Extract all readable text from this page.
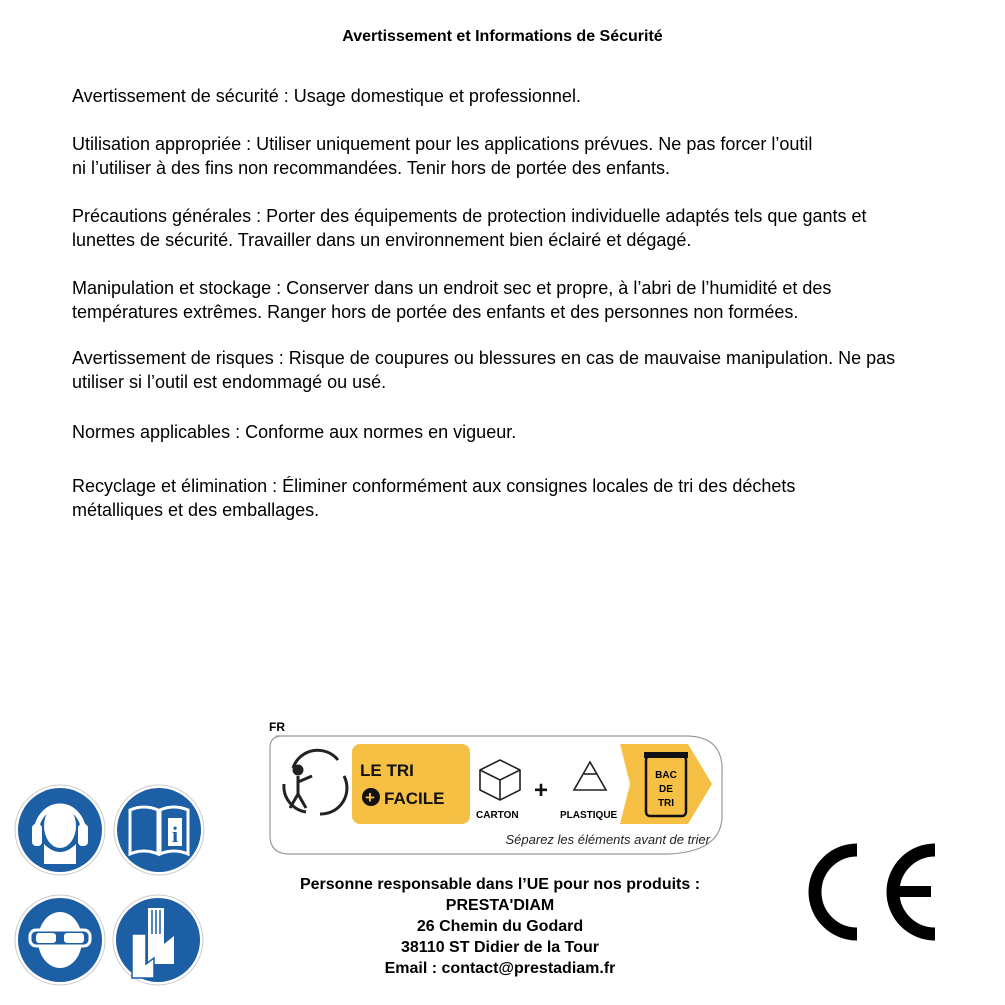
Avertissement et Informations de Sécurité

Avertissement de sécurité : Usage domestique et professionnel.

Utilisation appropriée : Utiliser uniquement pour les applications prévues. Ne pas forcer l’outil
ni l’utiliser à des fins non recommandées. Tenir hors de portée des enfants.

Précautions générales : Porter des équipements de protection individuelle adaptés tels que gants et
lunettes de sécurité. Travailler dans un environnement bien éclairé et dégagé.

Manipulation et stockage : Conserver dans un endroit sec et propre, à l’abri de l’humidité et des
températures extrêmes. Ranger hors de portée des enfants et des personnes non formées.

Avertissement de risques : Risque de coupures ou blessures en cas de mauvaise manipulation. Ne pas
utiliser si l’outil est endommagé ou usé.

Normes applicables : Conforme aux normes en vigueur.

Recyclage et élimination : Éliminer conformément aux consignes locales de tri des déchets
métalliques et des emballages.

FR
LE TRI
+ FACILE
CARTON
+
PLASTIQUE
BAC
DE
TRI
Séparez les éléments avant de trier
Personne responsable dans l’UE pour nos produits :
PRESTA'DIAM
26 Chemin du Godard
38110 ST Didier de la Tour
Email : contact@prestadiam.fr
i
